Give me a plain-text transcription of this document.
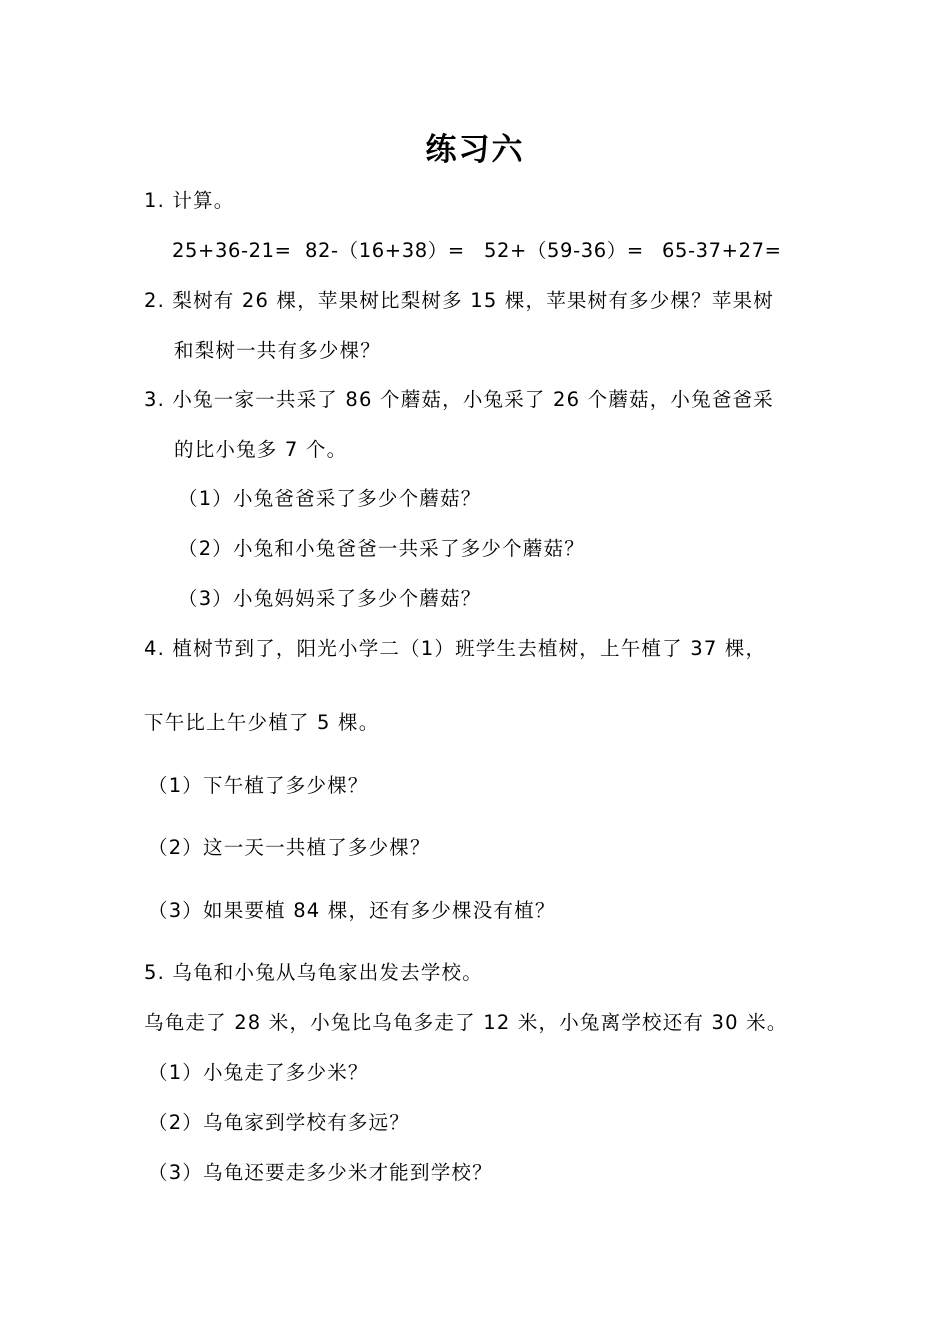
练习六
1. 计算。
25+36-21= 82-（16+38）= 52+（59-36）= 65-37+27=
2. 梨树有 26 棵，苹果树比梨树多 15 棵，苹果树有多少棵？苹果树
和梨树一共有多少棵？
3. 小兔一家一共采了 86 个蘑菇，小兔采了 26 个蘑菇，小兔爸爸采
的比小兔多 7 个。
（1）小兔爸爸采了多少个蘑菇？
（2）小兔和小兔爸爸一共采了多少个蘑菇？
（3）小兔妈妈采了多少个蘑菇？
4. 植树节到了，阳光小学二（1）班学生去植树，上午植了 37 棵，
下午比上午少植了 5 棵。
（1）下午植了多少棵？
（2）这一天一共植了多少棵？
（3）如果要植 84 棵，还有多少棵没有植？
5. 乌龟和小兔从乌龟家出发去学校。
乌龟走了 28 米，小兔比乌龟多走了 12 米，小兔离学校还有 30 米。
（1）小兔走了多少米？
（2）乌龟家到学校有多远？
（3）乌龟还要走多少米才能到学校？
